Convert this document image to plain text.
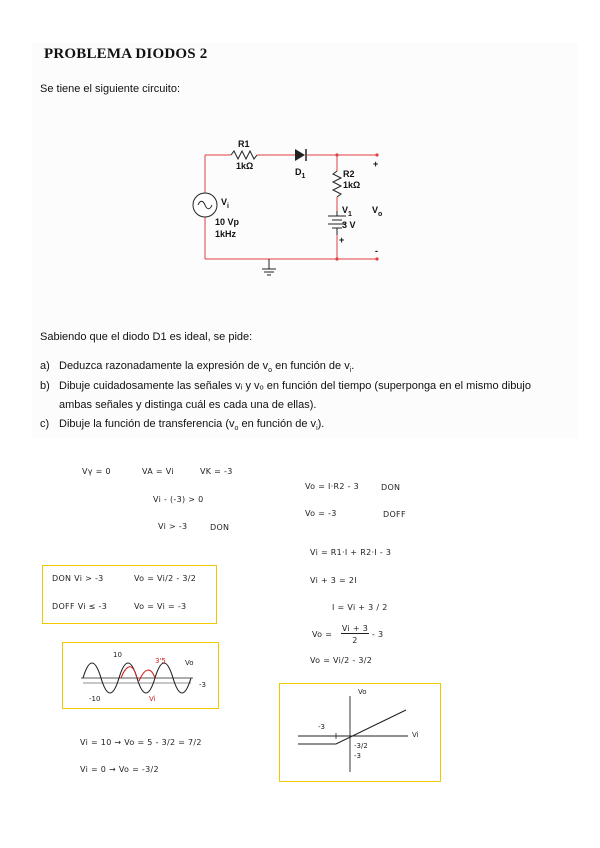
PROBLEMA DIODOS 2
Se tiene el siguiente circuito:
R1
1kΩ
$D_1$	R2
1kΩ
$V_1$
3 V
$V_i$
10 Vp
1kHz
$V_o$
+
+
-
Sabiendo que el diodo D1 es ideal, se pide:
a) Deduzca razonadamente la expresión de $v_o$ en función de $v_i$.
b) Dibuje cuidadosamente las señales vᵢ y vₒ en función del tiempo (superponga en el mismo dibujo ambas señales y distinga cuál es cada una de ellas).
c) Dibuje la función de transferencia ($v_o$ en función de $v_i$).
Vγ = 0	VA = Vi	VK = -3
Vi - (-3) > 0
Vi > -3	DON
DON Vi > -3	Vo = Vi/2 - 3/2
DOFF Vi ≤ -3	Vo = Vi = -3
10
3'5	Vo
-3
-10	Vi
Vi = 10 → Vo = 5 - 3/2 = 7/2
Vi = 0 → Vo = -3/2
Vo = I·R2 - 3	DON
Vo = -3	DOFF
Vi = R1·I + R2·I - 3
Vi + 3 = 2I
I = Vi + 3 / 2
Vo =
Vi + 3
2
- 3
Vo = Vi/2 - 3/2
Vo
Vi
-3
-3/2
-3
